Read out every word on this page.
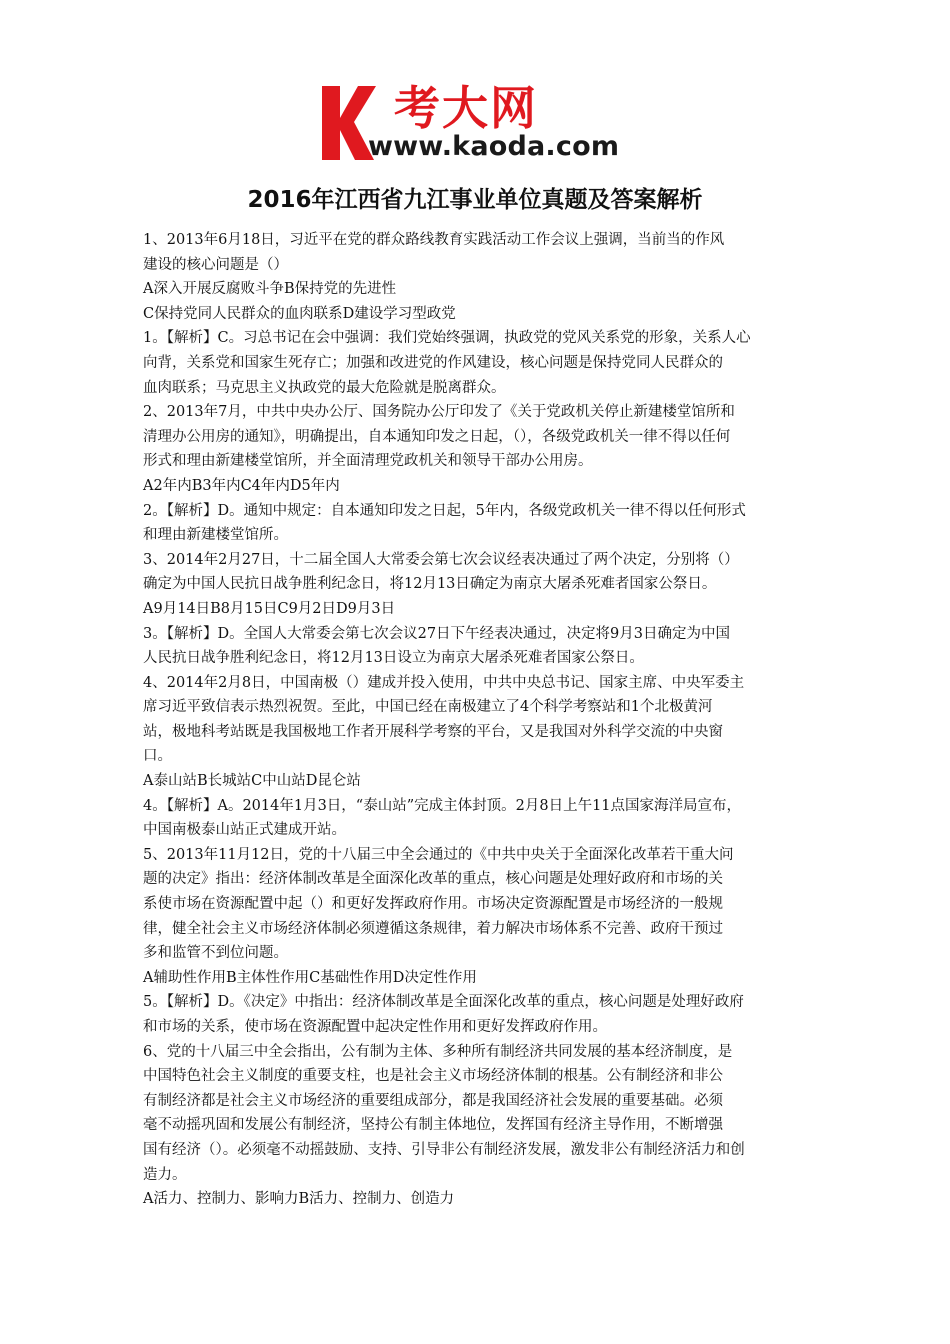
考大网
www.kaoda.com
2016年江西省九江事业单位真题及答案解析
1、2013年6月18日，习近平在党的群众路线教育实践活动工作会议上强调，当前当的作风
建设的核心问题是（）
A深入开展反腐败斗争B保持党的先进性
C保持党同人民群众的血肉联系D建设学习型政党
1。【解析】C。习总书记在会中强调：我们党始终强调，执政党的党风关系党的形象，关系人心
向背，关系党和国家生死存亡；加强和改进党的作风建设，核心问题是保持党同人民群众的
血肉联系；马克思主义执政党的最大危险就是脱离群众。
2、2013年7月，中共中央办公厅、国务院办公厅印发了《关于党政机关停止新建楼堂馆所和
清理办公用房的通知》，明确提出，自本通知印发之日起，（），各级党政机关一律不得以任何
形式和理由新建楼堂馆所，并全面清理党政机关和领导干部办公用房。
A2年内B3年内C4年内D5年内
2。【解析】D。通知中规定：自本通知印发之日起，5年内，各级党政机关一律不得以任何形式
和理由新建楼堂馆所。
3、2014年2月27日，十二届全国人大常委会第七次会议经表决通过了两个决定，分别将（）
确定为中国人民抗日战争胜利纪念日，将12月13日确定为南京大屠杀死难者国家公祭日。
A9月14日B8月15日C9月2日D9月3日
3。【解析】D。全国人大常委会第七次会议27日下午经表决通过，决定将9月3日确定为中国
人民抗日战争胜利纪念日，将12月13日设立为南京大屠杀死难者国家公祭日。
4、2014年2月8日，中国南极（）建成并投入使用，中共中央总书记、国家主席、中央军委主
席习近平致信表示热烈祝贺。至此，中国已经在南极建立了4个科学考察站和1个北极黄河
站，极地科考站既是我国极地工作者开展科学考察的平台，又是我国对外科学交流的中央窗
口。
A泰山站B长城站C中山站D昆仑站
4。【解析】A。2014年1月3日，“泰山站”完成主体封顶。2月8日上午11点国家海洋局宣布，
中国南极泰山站正式建成开站。
5、2013年11月12日，党的十八届三中全会通过的《中共中央关于全面深化改革若干重大问
题的决定》指出：经济体制改革是全面深化改革的重点，核心问题是处理好政府和市场的关
系使市场在资源配置中起（）和更好发挥政府作用。市场决定资源配置是市场经济的一般规
律，健全社会主义市场经济体制必须遵循这条规律，着力解决市场体系不完善、政府干预过
多和监管不到位问题。
A辅助性作用B主体性作用C基础性作用D决定性作用
5。【解析】D。《决定》中指出：经济体制改革是全面深化改革的重点，核心问题是处理好政府
和市场的关系，使市场在资源配置中起决定性作用和更好发挥政府作用。
6、党的十八届三中全会指出，公有制为主体、多种所有制经济共同发展的基本经济制度，是
中国特色社会主义制度的重要支柱，也是社会主义市场经济体制的根基。公有制经济和非公
有制经济都是社会主义市场经济的重要组成部分，都是我国经济社会发展的重要基础。必须
毫不动摇巩固和发展公有制经济，坚持公有制主体地位，发挥国有经济主导作用，不断增强
国有经济（）。必须毫不动摇鼓励、支持、引导非公有制经济发展，激发非公有制经济活力和创
造力。
A活力、控制力、影响力B活力、控制力、创造力
